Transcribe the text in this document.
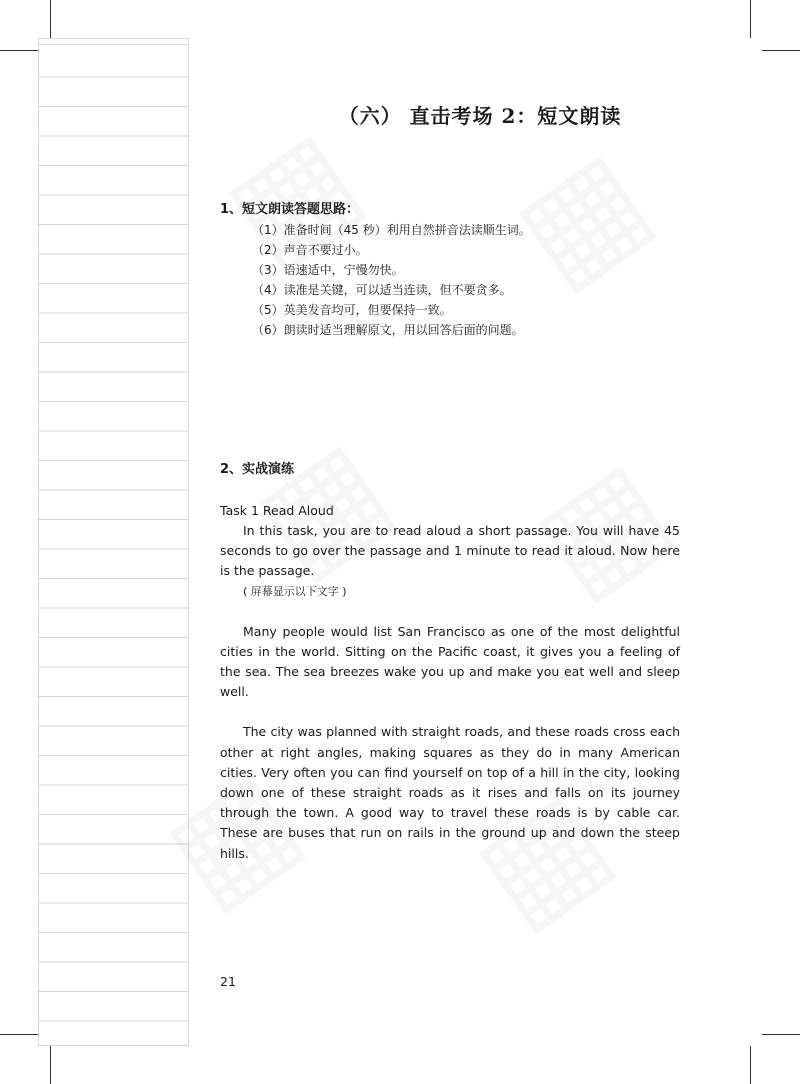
（六） 直击考场 2：短文朗读

1、短文朗读答题思路：

（1）准备时间（45 秒）利用自然拼音法读顺生词。
（2）声音不要过小。
（3）语速适中，宁慢勿快。
（4）读准是关键，可以适当连读，但不要贪多。
（5）英美发音均可，但要保持一致。
（6）朗读时适当理解原文，用以回答后面的问题。

2、实战演练

Task 1 Read Aloud

In this task, you are to read aloud a short passage. You will have 45 seconds to go over the passage and 1 minute to read it aloud. Now here is the passage.

( 屏幕显示以下文字 )

Many people would list San Francisco as one of the most delightful cities in the world. Sitting on the Pacific coast, it gives you a feeling of the sea. The sea breezes wake you up and make you eat well and sleep well.

The city was planned with straight roads, and these roads cross each other at right angles, making squares as they do in many American cities. Very often you can find yourself on top of a hill in the city, looking down one of these straight roads as it rises and falls on its journey through the town. A good way to travel these roads is by cable car. These are buses that run on rails in the ground up and down the steep hills.

21
